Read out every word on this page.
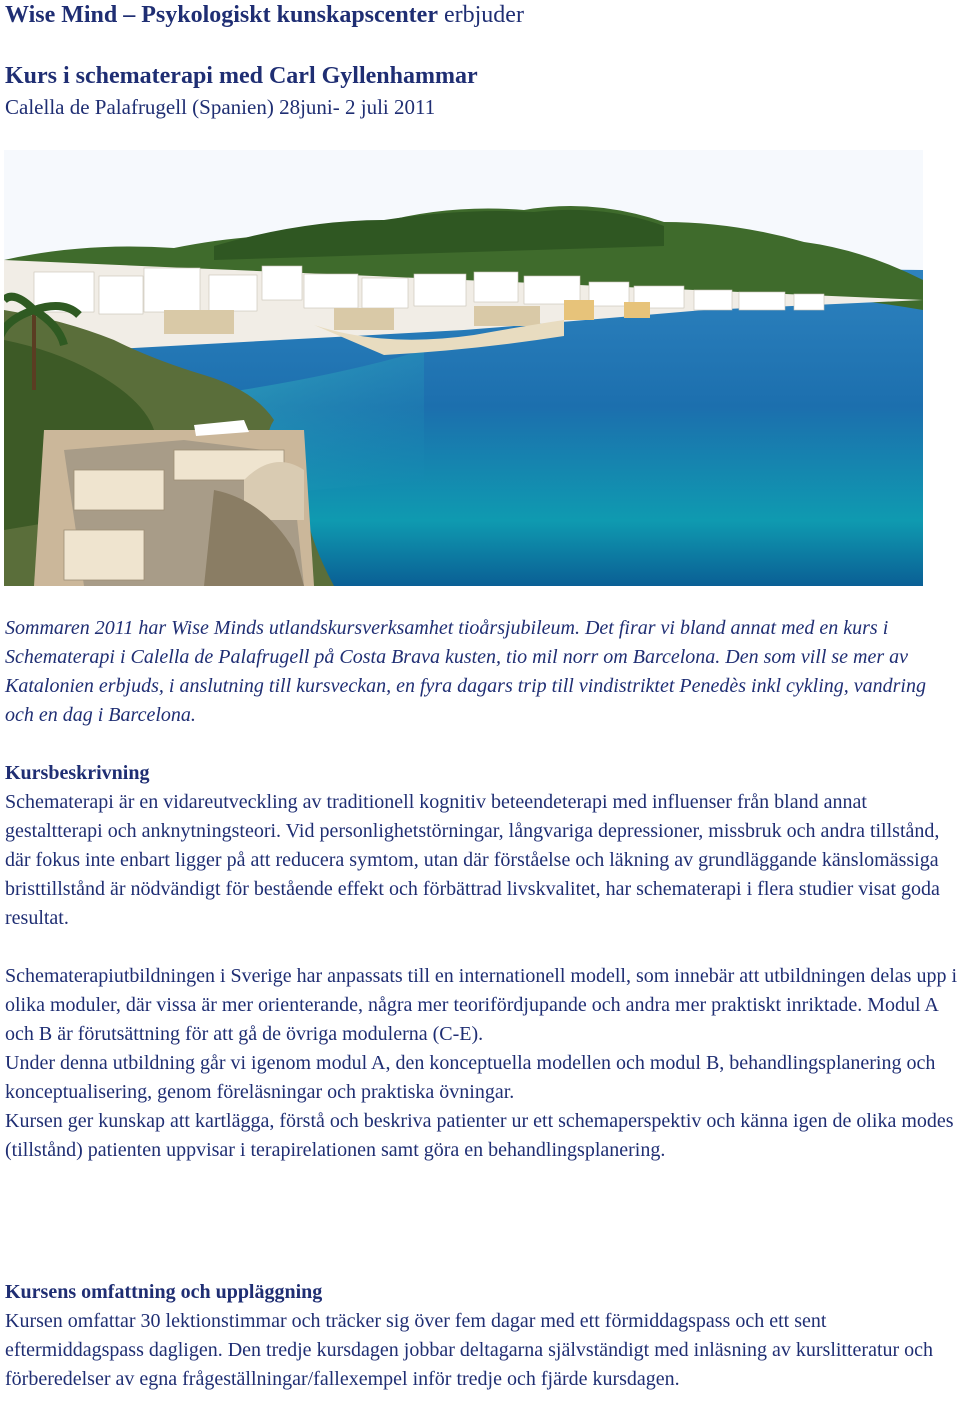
Wise Mind – Psykologiskt kunskapscenter erbjuder
Kurs i schematerapi med Carl Gyllenhammar
Calella de Palafrugell (Spanien) 28juni- 2 juli 2011
Sommaren 2011 har Wise Minds utlandskursverksamhet tioårsjubileum. Det firar vi bland annat med en kurs i Schematerapi i Calella de Palafrugell på Costa Brava kusten, tio mil norr om Barcelona. Den som vill se mer av Katalonien erbjuds, i anslutning till kursveckan, en fyra dagars trip till vindistriktet Penedès inkl cykling, vandring och en dag i Barcelona.

Kursbeskrivning

Schematerapi är en vidareutveckling av traditionell kognitiv beteendeterapi med influenser från bland annat gestaltterapi och anknytningsteori. Vid personlighetstörningar, långvariga depressioner, missbruk och andra tillstånd, där fokus inte enbart ligger på att reducera symtom, utan där förståelse och läkning av grundläggande känslomässiga bristtillstånd är nödvändigt för bestående effekt och förbättrad livskvalitet, har schematerapi i flera studier visat goda resultat.

Schematerapiutbildningen i Sverige har anpassats till en internationell modell, som innebär att utbildningen delas upp i olika moduler, där vissa är mer orienterande, några mer teorifördjupande och andra mer praktiskt inriktade. Modul A och B är förutsättning för att gå de övriga modulerna (C-E).

Under denna utbildning går vi igenom modul A, den konceptuella modellen och modul B, behandlingsplanering och konceptualisering, genom föreläsningar och praktiska övningar.

Kursen ger kunskap att kartlägga, förstå och beskriva patienter ur ett schemaperspektiv och känna igen de olika modes (tillstånd) patienten uppvisar i terapirelationen samt göra en behandlingsplanering.

Kursens omfattning och uppläggning

Kursen omfattar 30 lektionstimmar och träcker sig över fem dagar med ett förmiddagspass och ett sent eftermiddagspass dagligen. Den tredje kursdagen jobbar deltagarna självständigt med inläsning av kurslitteratur och förberedelser av egna frågeställningar/fallexempel inför tredje och fjärde kursdagen.
